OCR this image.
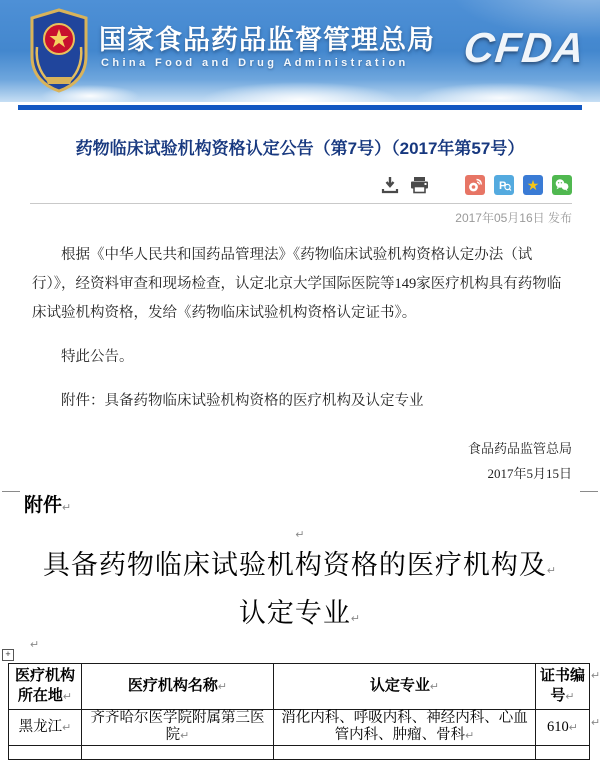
国家食品药品监督管理总局
China Food and Drug Administration CFDA
药物临床试验机构资格认定公告（第7号）（2017年第57号）
P ★
2017年05月16日 发布

根据《中华人民共和国药品管理法》《药物临床试验机构资格认定办法（试行）》，经资料审查和现场检查，认定北京大学国际医院等149家医疗机构具有药物临床试验机构资格，发给《药物临床试验机构资格认定证书》。

特此公告。

附件：具备药物临床试验机构资格的医疗机构及认定专业

食品药品监管总局
2017年5月15日
附件↵
↵
具备药物临床试验机构资格的医疗机构及↵
认定专业↵
↵
+
医疗机构所在地↵	医疗机构名称↵	认定专业↵	证书编号↵
黑龙江↵	齐齐哈尔医学院附属第三医院↵	消化内科、呼吸内科、神经内科、心血管内科、肿瘤、骨科↵	610↵

↵
↵
